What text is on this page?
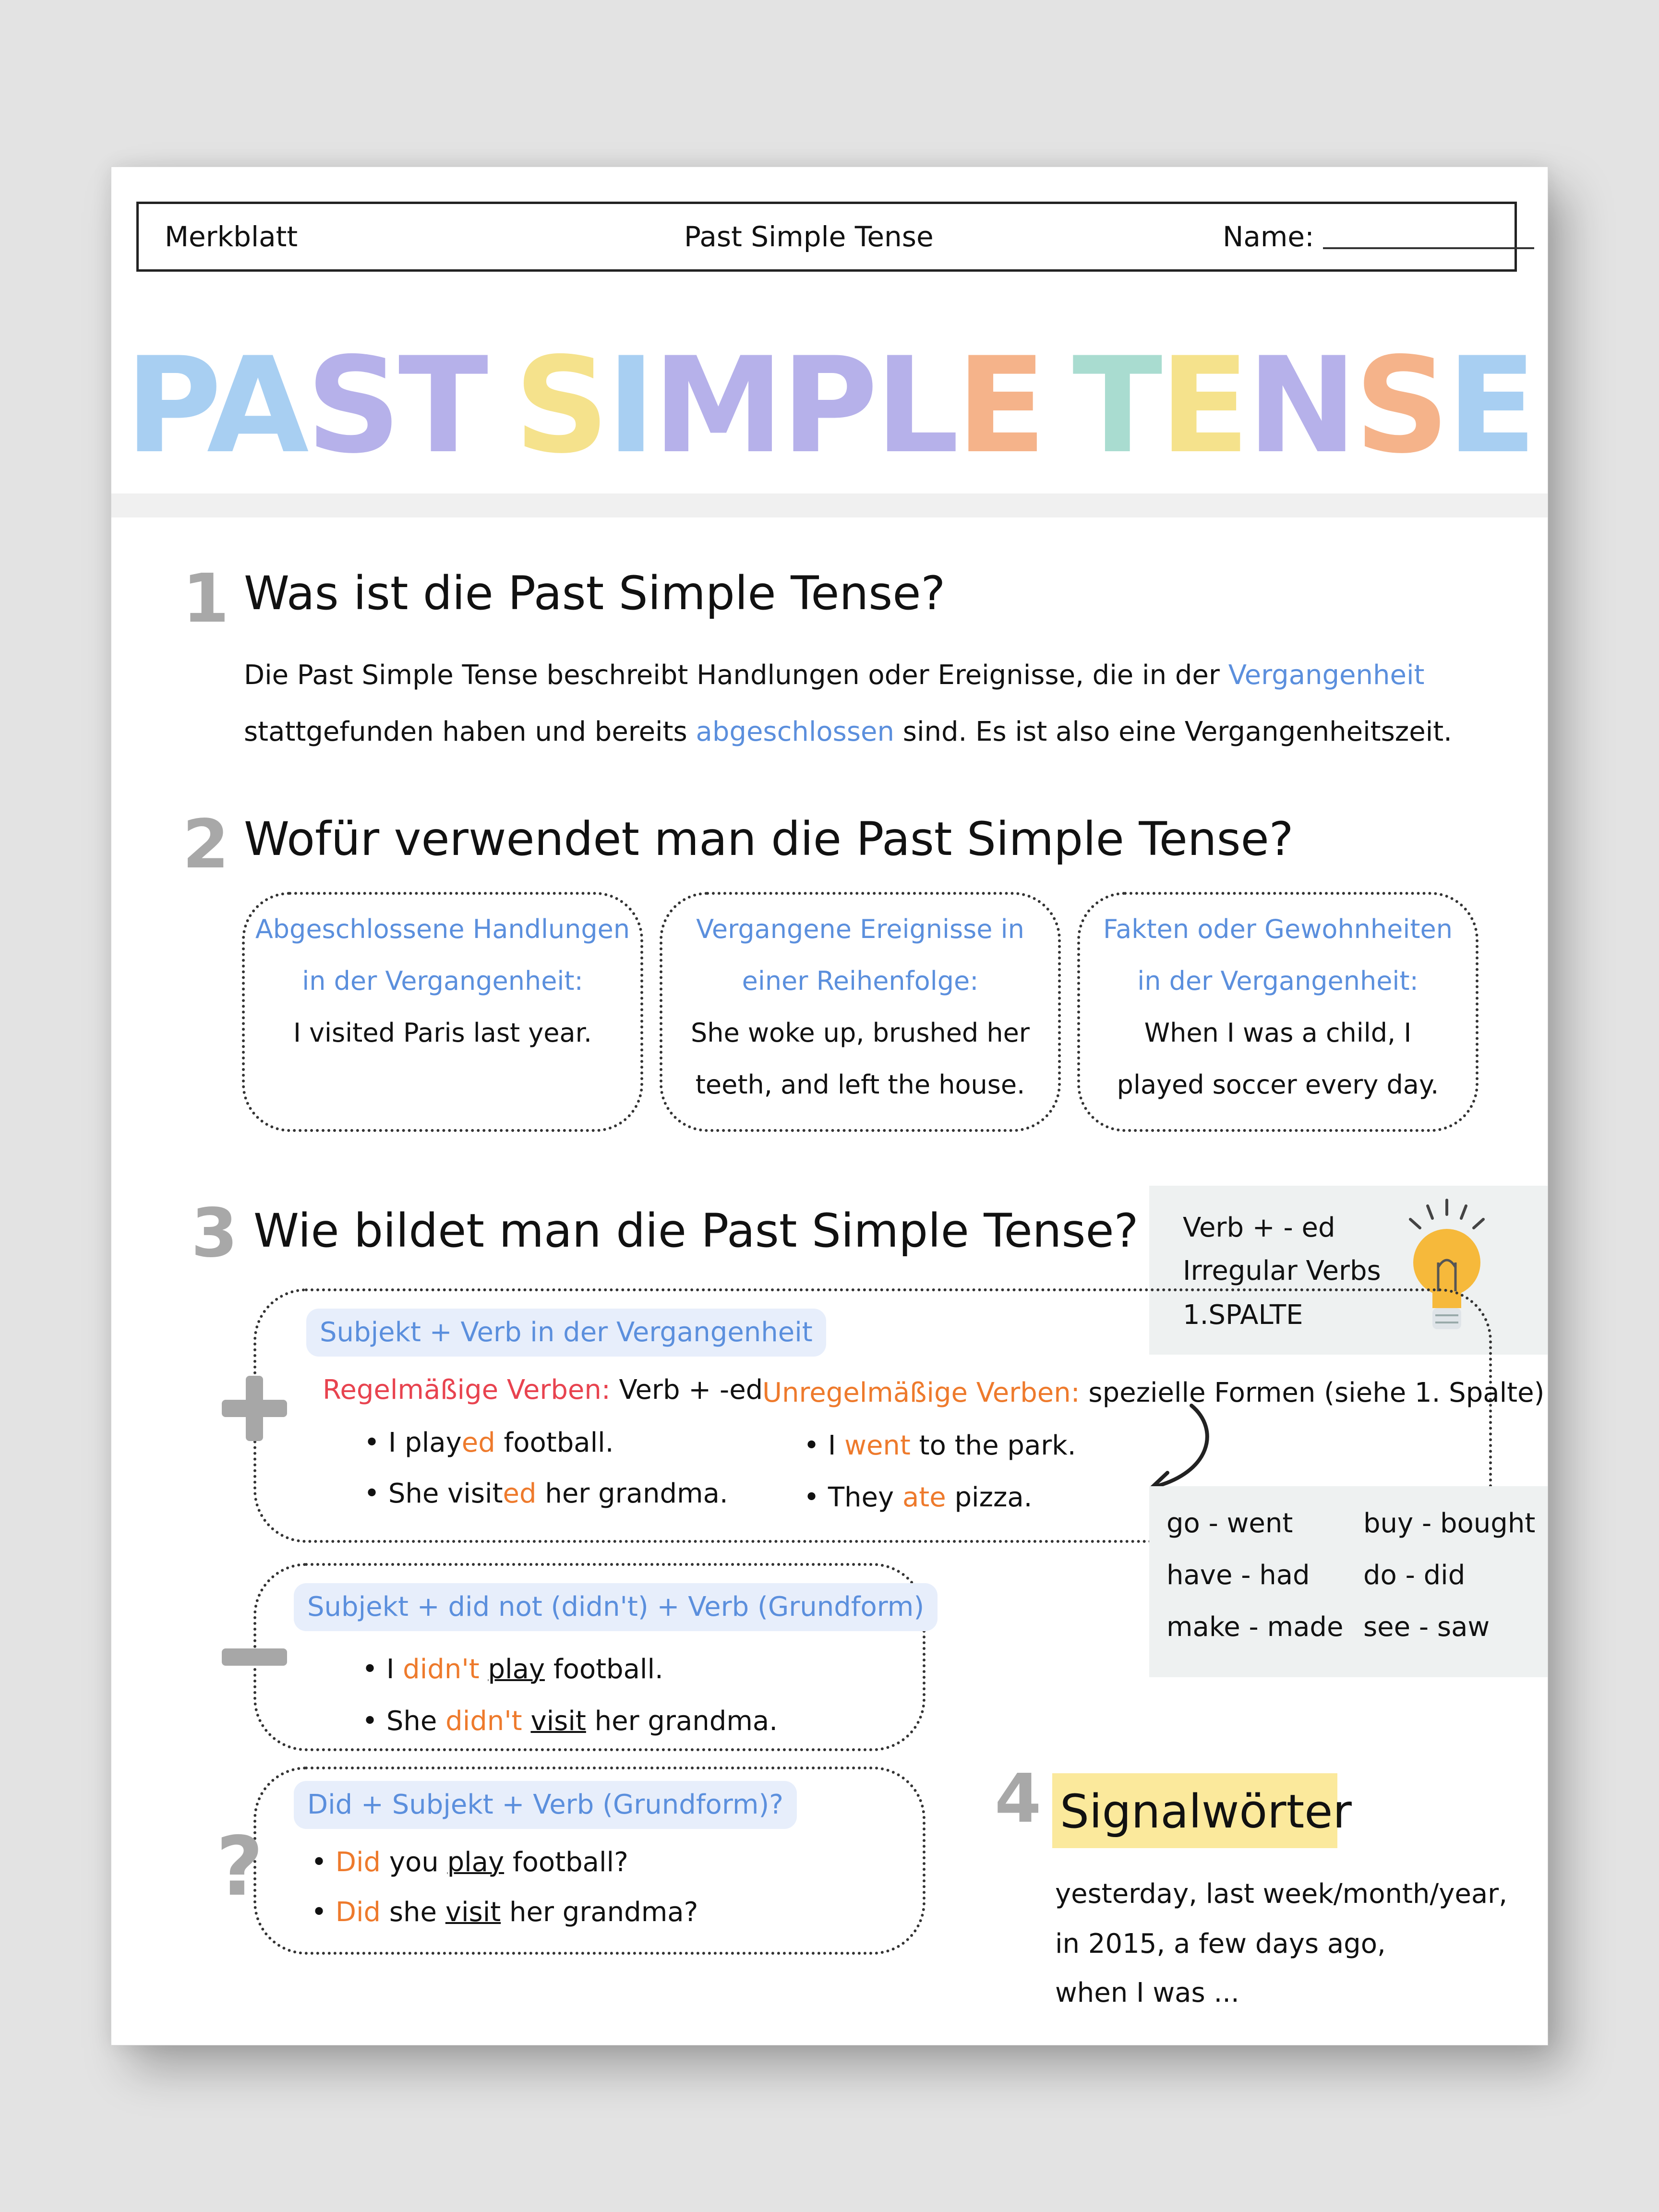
Merkblatt	Past Simple Tense	Name:
PAST SIMPLE TENSE
1 Was ist die Past Simple Tense?
Die Past Simple Tense beschreibt Handlungen oder Ereignisse, die in der Vergangenheit
stattgefunden haben und bereits abgeschlossen sind. Es ist also eine Vergangenheitszeit.
2 Wofür verwendet man die Past Simple Tense?
Abgeschlossene Handlungen
in der Vergangenheit:
I visited Paris last year.
Vergangene Ereignisse in
einer Reihenfolge:
She woke up, brushed her
teeth, and left the house.
Fakten oder Gewohnheiten
in der Vergangenheit:
When I was a child, I
played soccer every day.
3 Wie bildet man die Past Simple Tense? Verb + - ed
Irregular Verbs
1.SPALTE
Subjekt + Verb in der Vergangenheit
Regelmäßige Verben: Verb + -ed
Unregelmäßige Verben: spezielle Formen (siehe 1. Spalte)
• I played football.
• She visited her grandma.
• I went to the park.
• They ate pizza.
go - went	buy - bought
have - had do - did
make - made see - saw
Subjekt + did not (didn't) + Verb (Grundform)
• I didn't play football.
• She didn't visit her grandma.
?
Did + Subjekt + Verb (Grundform)?
• Did you play football?
• Did she visit her grandma?
4 Signalwörter
yesterday, last week/month/year,
in 2015, a few days ago,
when I was ...
